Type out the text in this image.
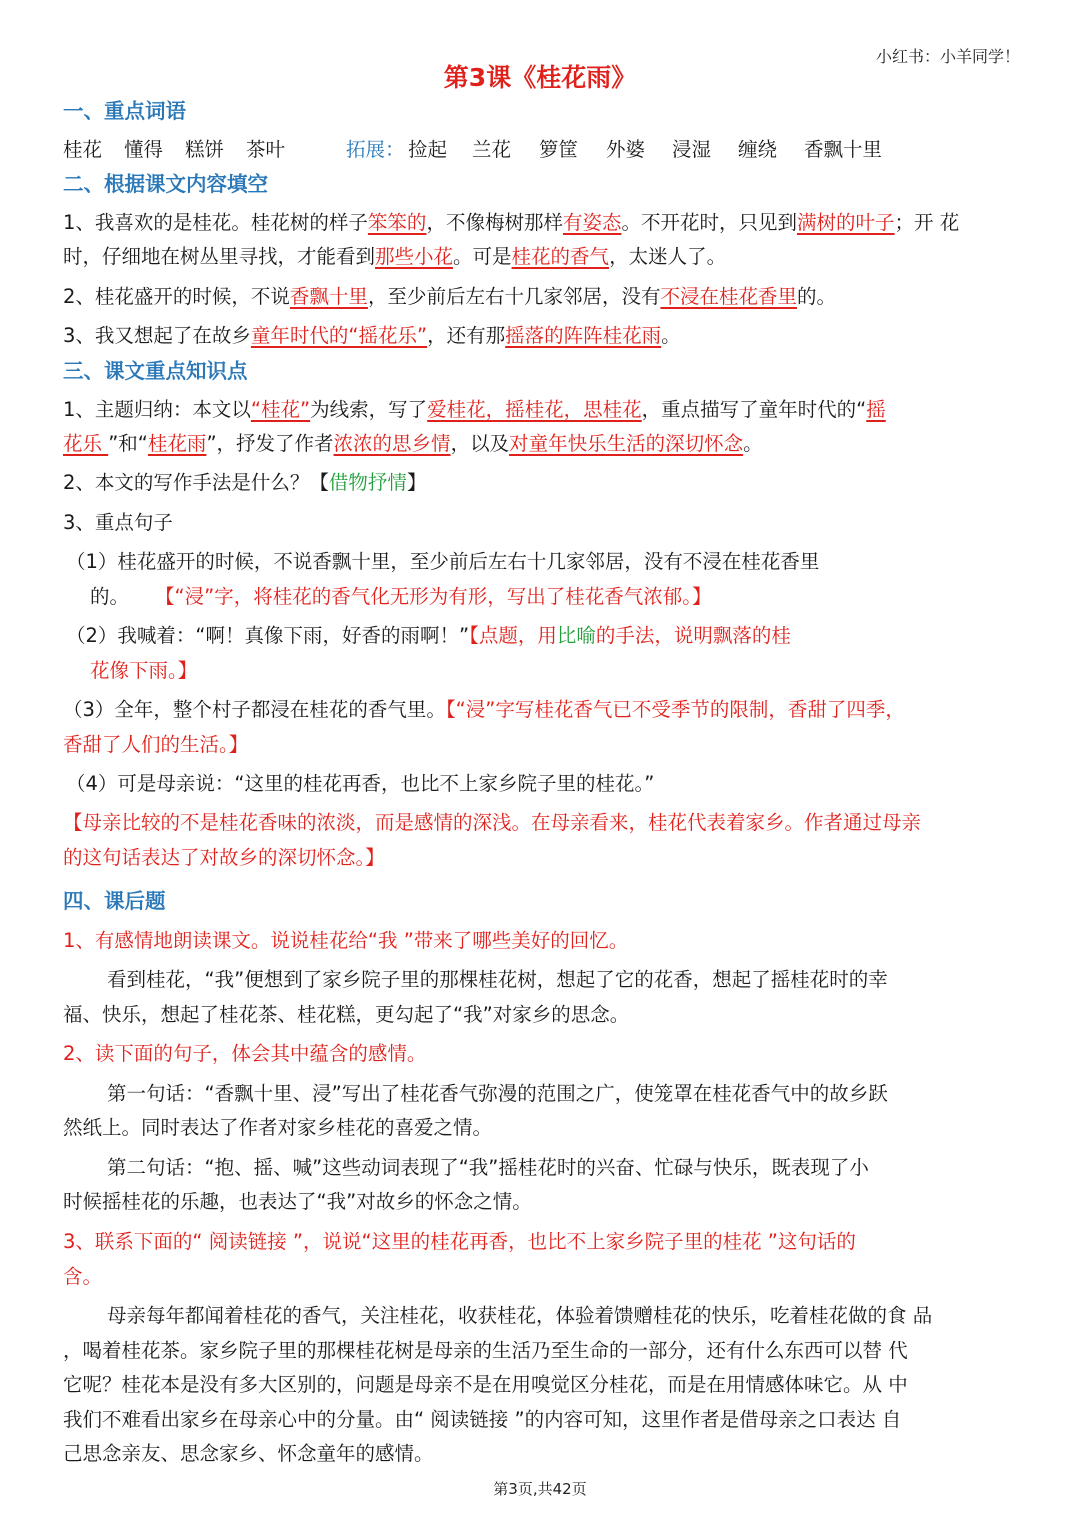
小红书：小羊同学！
第3课《桂花雨》
一、重点词语
桂花 懂得 糕饼 茶叶	拓展： 捡起 兰花 箩筐 外婆 浸湿 缠绕 香飘十里
二、根据课文内容填空
1、我喜欢的是桂花。桂花树的样子笨笨的，不像梅树那样有姿态。不开花时，只见到满树的叶子；开 花
时，仔细地在树丛里寻找，才能看到那些小花。可是桂花的香气，太迷人了。
2、桂花盛开的时候，不说香飘十里，至少前后左右十几家邻居，没有不浸在桂花香里的。
3、我又想起了在故乡童年时代的“摇花乐”，还有那摇落的阵阵桂花雨。
三、课文重点知识点
1、主题归纳：本文以“桂花”为线索，写了爱桂花，摇桂花，思桂花，重点描写了童年时代的“摇
花乐 ”和“桂花雨”，抒发了作者浓浓的思乡情，以及对童年快乐生活的深切怀念。
2、本文的写作手法是什么？【借物抒情】
3、重点句子
（1）桂花盛开的时候，不说香飘十里，至少前后左右十几家邻居，没有不浸在桂花香里
的。 【“浸”字，将桂花的香气化无形为有形，写出了桂花香气浓郁。】
（2）我喊着：“啊！真像下雨，好香的雨啊！”【点题，用比喻的手法，说明飘落的桂
花像下雨。】
（3）全年，整个村子都浸在桂花的香气里。【“浸”字写桂花香气已不受季节的限制，香甜了四季，
香甜了人们的生活。】
（4）可是母亲说：“这里的桂花再香，也比不上家乡院子里的桂花。”
【母亲比较的不是桂花香味的浓淡，而是感情的深浅。在母亲看来，桂花代表着家乡。作者通过母亲
的这句话表达了对故乡的深切怀念。】
四、课后题
1、有感情地朗读课文。说说桂花给“我 ”带来了哪些美好的回忆。
看到桂花，“我”便想到了家乡院子里的那棵桂花树，想起了它的花香，想起了摇桂花时的幸
福、快乐，想起了桂花茶、桂花糕，更勾起了“我”对家乡的思念。
2、读下面的句子，体会其中蕴含的感情。
第一句话：“香飘十里、浸”写出了桂花香气弥漫的范围之广，使笼罩在桂花香气中的故乡跃
然纸上。同时表达了作者对家乡桂花的喜爱之情。
第二句话：“抱、摇、喊”这些动词表现了“我”摇桂花时的兴奋、忙碌与快乐，既表现了小
时候摇桂花的乐趣，也表达了“我”对故乡的怀念之情。
3、联系下面的“ 阅读链接 ”，说说“这里的桂花再香，也比不上家乡院子里的桂花 ”这句话的
含。
母亲每年都闻着桂花的香气，关注桂花，收获桂花，体验着馈赠桂花的快乐，吃着桂花做的食 品
，喝着桂花茶。家乡院子里的那棵桂花树是母亲的生活乃至生命的一部分，还有什么东西可以替 代
它呢？桂花本是没有多大区别的，问题是母亲不是在用嗅觉区分桂花，而是在用情感体味它。从 中
我们不难看出家乡在母亲心中的分量。由“ 阅读链接 ”的内容可知，这里作者是借母亲之口表达 自
己思念亲友、思念家乡、怀念童年的感情。
第3页,共42页
